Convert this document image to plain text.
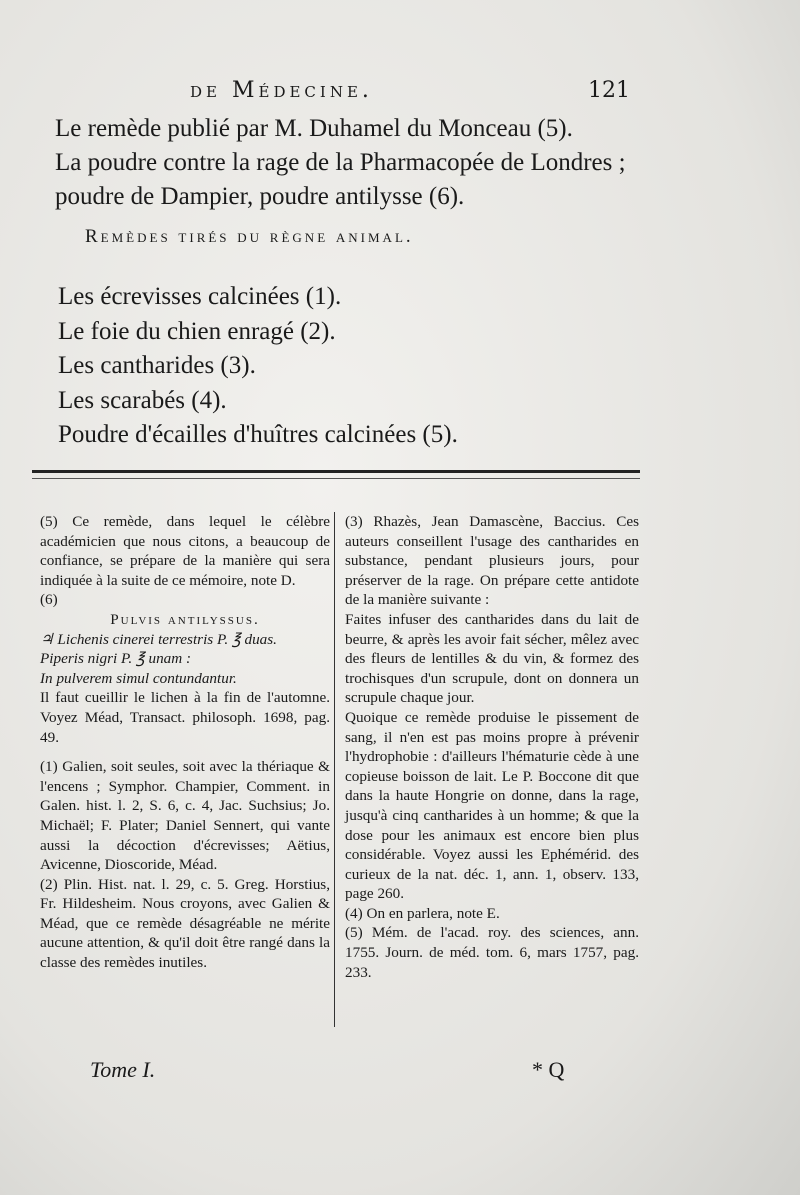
de Médecine.	121

Le remède publié par M. Duhamel du Monceau (5).

La poudre contre la rage de la Pharmacopée de Londres ;

poudre de Dampier, poudre antilysse (6).

Remèdes tirés du règne animal.

Les écrevisses calcinées (1).

Le foie du chien enragé (2).

Les cantharides (3).

Les scarabés (4).

Poudre d'écailles d'huîtres calcinées (5).

(5) Ce remède, dans lequel le célèbre académicien que nous citons, a beaucoup de confiance, se prépare de la manière qui sera indiquée à la suite de ce mémoire, note D.

(6)

Pulvis antilyssus.

♃ Lichenis cinerei terrestris P. ℥ duas.

Piperis nigri P. ℥ unam :

In pulverem simul contundantur.

Il faut cueillir le lichen à la fin de l'automne. Voyez Méad, Transact. philosoph. 1698, pag. 49.

(1) Galien, soit seules, soit avec la thériaque & l'encens ; Symphor. Champier, Comment. in Galen. hist. l. 2, S. 6, c. 4, Jac. Suchsius; Jo. Michaël; F. Plater; Daniel Sennert, qui vante aussi la décoction d'écrevisses; Aëtius, Avicenne, Dioscoride, Méad.

(2) Plin. Hist. nat. l. 29, c. 5. Greg. Horstius, Fr. Hildesheim. Nous croyons, avec Galien & Méad, que ce remède désagréable ne mérite aucune attention, & qu'il doit être rangé dans la classe des remèdes inutiles.

(3) Rhazès, Jean Damascène, Baccius. Ces auteurs conseillent l'usage des cantharides en substance, pendant plusieurs jours, pour préserver de la rage. On prépare cette antidote de la manière suivante :

Faites infuser des cantharides dans du lait de beurre, & après les avoir fait sécher, mêlez avec des fleurs de lentilles & du vin, & formez des trochisques d'un scrupule, dont on donnera un scrupule chaque jour.

Quoique ce remède produise le pissement de sang, il n'en est pas moins propre à prévenir l'hydrophobie : d'ailleurs l'hématurie cède à une copieuse boisson de lait. Le P. Boccone dit que dans la haute Hongrie on donne, dans la rage, jusqu'à cinq cantharides à un homme; & que la dose pour les animaux est encore bien plus considérable. Voyez aussi les Ephémérid. des curieux de la nat. déc. 1, ann. 1, observ. 133, page 260.

(4) On en parlera, note E.

(5) Mém. de l'acad. roy. des sciences, ann. 1755. Journ. de méd. tom. 6, mars 1757, pag. 233.

Tome I.	* Q
